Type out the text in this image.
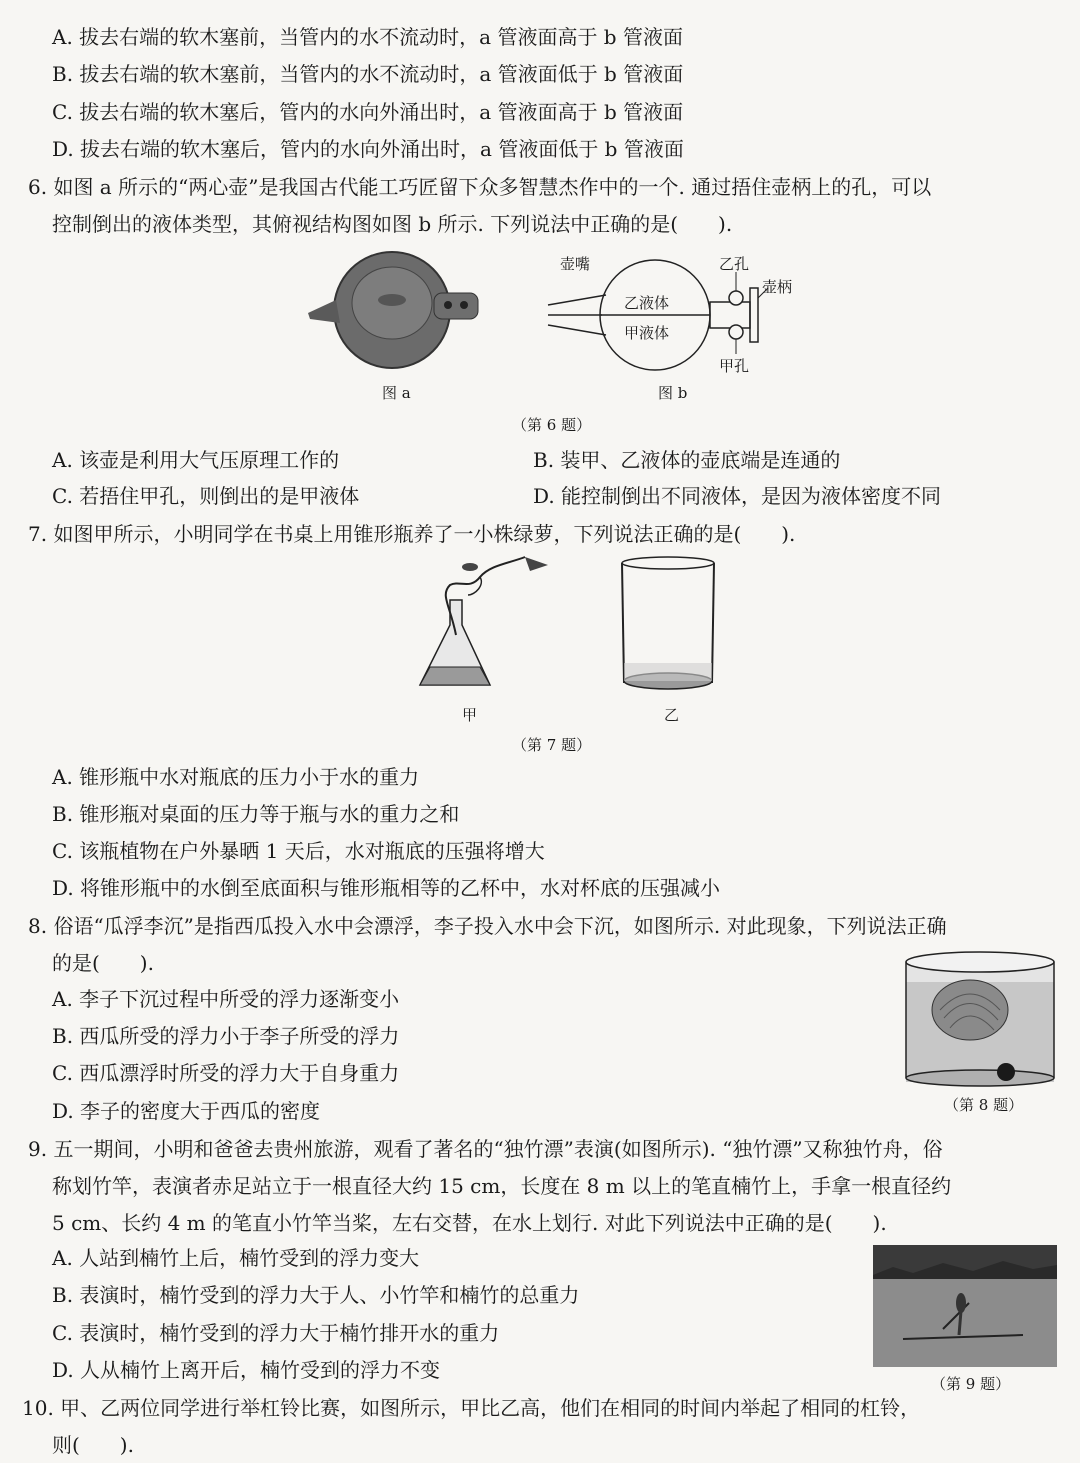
A. 拔去右端的软木塞前，当管内的水不流动时，a 管液面高于 b 管液面
B. 拔去右端的软木塞前，当管内的水不流动时，a 管液面低于 b 管液面
C. 拔去右端的软木塞后，管内的水向外涌出时，a 管液面高于 b 管液面
D. 拔去右端的软木塞后，管内的水向外涌出时，a 管液面低于 b 管液面
6. 如图 a 所示的“两心壶”是我国古代能工巧匠留下众多智慧杰作中的一个. 通过捂住壶柄上的孔，可以
控制倒出的液体类型，其俯视结构图如图 b 所示. 下列说法中正确的是(　　).
图 a
壶嘴
乙液体
甲液体
乙孔
壶柄
甲孔
图 b
（第 6 题）
A. 该壶是利用大气压原理工作的	B. 装甲、乙液体的壶底端是连通的
C. 若捂住甲孔，则倒出的是甲液体	D. 能控制倒出不同液体，是因为液体密度不同
7. 如图甲所示，小明同学在书桌上用锥形瓶养了一小株绿萝，下列说法正确的是(　　).
甲	乙
（第 7 题）
A. 锥形瓶中水对瓶底的压力小于水的重力
B. 锥形瓶对桌面的压力等于瓶与水的重力之和
C. 该瓶植物在户外暴晒 1 天后，水对瓶底的压强将增大
D. 将锥形瓶中的水倒至底面积与锥形瓶相等的乙杯中，水对杯底的压强减小
8. 俗语“瓜浮李沉”是指西瓜投入水中会漂浮，李子投入水中会下沉，如图所示. 对此现象，下列说法正确
的是(　　).
（第 8 题）
A. 李子下沉过程中所受的浮力逐渐变小
B. 西瓜所受的浮力小于李子所受的浮力
C. 西瓜漂浮时所受的浮力大于自身重力
D. 李子的密度大于西瓜的密度
9. 五一期间，小明和爸爸去贵州旅游，观看了著名的“独竹漂”表演(如图所示). “独竹漂”又称独竹舟，俗
称划竹竿，表演者赤足站立于一根直径大约 15 cm，长度在 8 m 以上的笔直楠竹上，手拿一根直径约
5 cm、长约 4 m 的笔直小竹竿当桨，左右交替，在水上划行. 对此下列说法中正确的是(　　).
（第 9 题）
A. 人站到楠竹上后，楠竹受到的浮力变大
B. 表演时，楠竹受到的浮力大于人、小竹竿和楠竹的总重力
C. 表演时，楠竹受到的浮力大于楠竹排开水的重力
D. 人从楠竹上离开后，楠竹受到的浮力不变
10. 甲、乙两位同学进行举杠铃比赛，如图所示，甲比乙高，他们在相同的时间内举起了相同的杠铃，
则(　　).
